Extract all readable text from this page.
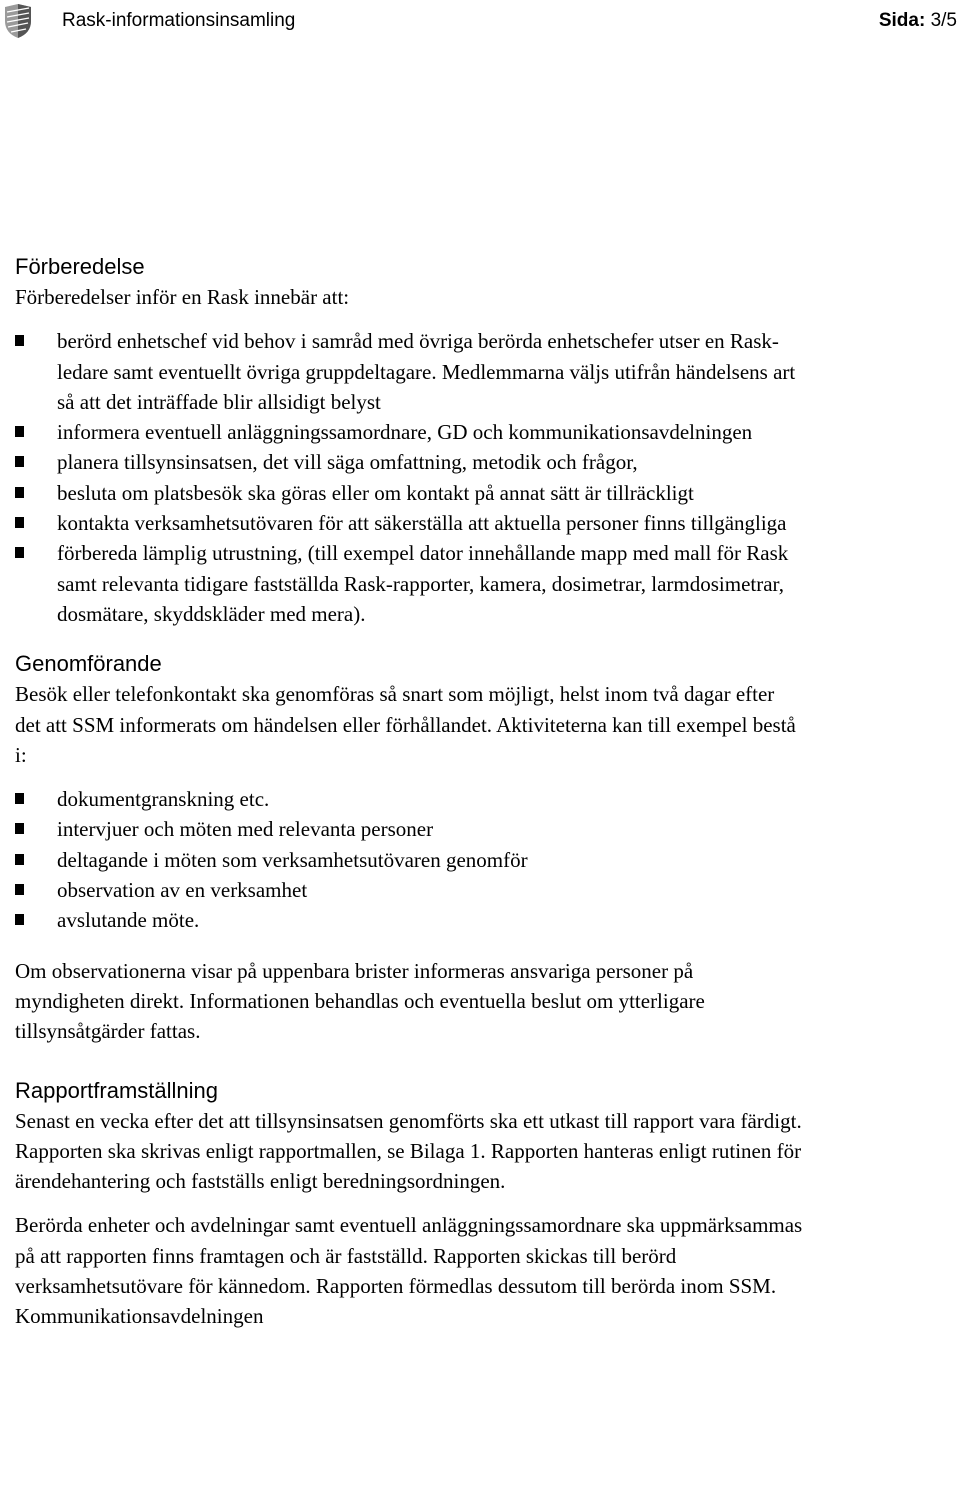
Rask-informationsinsamling	Sida: 3/5
Förberedelse

Förberedelser inför en Rask innebär att:

berörd enhetschef vid behov i samråd med övriga berörda enhetschefer utser en Rask-ledare samt eventuellt övriga gruppdeltagare. Medlemmarna väljs utifrån händelsens art så att det inträffade blir allsidigt belyst
informera eventuell anläggningssamordnare, GD och kommunikationsavdelningen
planera tillsynsinsatsen, det vill säga omfattning, metodik och frågor,
besluta om platsbesök ska göras eller om kontakt på annat sätt är tillräckligt
kontakta verksamhetsutövaren för att säkerställa att aktuella personer finns tillgängliga
förbereda lämplig utrustning, (till exempel dator innehållande mapp med mall för Rask samt relevanta tidigare fastställda Rask-rapporter, kamera, dosimetrar, larmdosimetrar, dosmätare, skyddskläder med mera).
Genomförande

Besök eller telefonkontakt ska genomföras så snart som möjligt, helst inom två dagar efter det att SSM informerats om händelsen eller förhållandet. Aktiviteterna kan till exempel bestå i:

dokumentgranskning etc.
intervjuer och möten med relevanta personer
deltagande i möten som verksamhetsutövaren genomför
observation av en verksamhet
avslutande möte.

Om observationerna visar på uppenbara brister informeras ansvariga personer på myndigheten direkt. Informationen behandlas och eventuella beslut om ytterligare tillsynsåtgärder fattas.

Rapportframställning

Senast en vecka efter det att tillsynsinsatsen genomförts ska ett utkast till rapport vara färdigt. Rapporten ska skrivas enligt rapportmallen, se Bilaga 1. Rapporten hanteras enligt rutinen för ärendehantering och fastställs enligt beredningsordningen.

Berörda enheter och avdelningar samt eventuell anläggningssamordnare ska uppmärksammas på att rapporten finns framtagen och är fastställd. Rapporten skickas till berörd verksamhetsutövare för kännedom. Rapporten förmedlas dessutom till berörda inom SSM. Kommunikationsavdelningen
